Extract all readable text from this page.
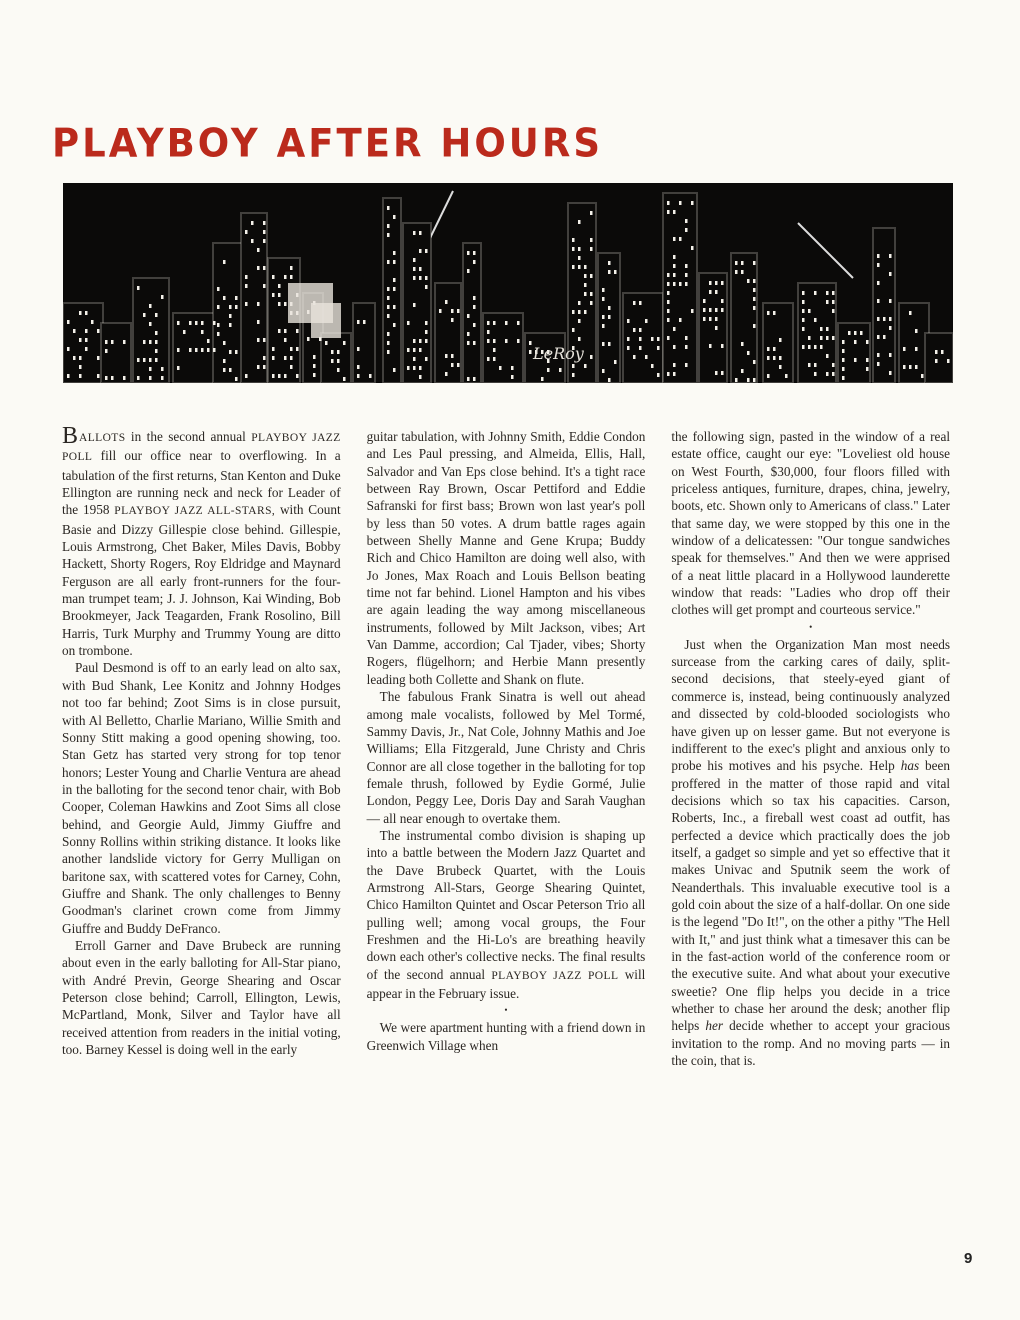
PLAYBOY AFTER HOURS
LeRoy

BALLOTS in the second annual PLAYBOY JAZZ POLL fill our office near to overflowing. In a tabulation of the first returns, Stan Kenton and Duke Ellington are running neck and neck for Leader of the 1958 PLAYBOY JAZZ ALL-STARS, with Count Basie and Dizzy Gillespie close behind. Gillespie, Louis Armstrong, Chet Baker, Miles Davis, Bobby Hackett, Shorty Rogers, Roy Eldridge and Maynard Ferguson are all early front-runners for the four-man trumpet team; J. J. Johnson, Kai Winding, Bob Brookmeyer, Jack Teagarden, Frank Rosolino, Bill Harris, Turk Murphy and Trummy Young are ditto on trombone.

Paul Desmond is off to an early lead on alto sax, with Bud Shank, Lee Konitz and Johnny Hodges not too far behind; Zoot Sims is in close pursuit, with Al Belletto, Charlie Mariano, Willie Smith and Sonny Stitt making a good opening showing, too. Stan Getz has started very strong for top tenor honors; Lester Young and Charlie Ventura are ahead in the balloting for the second tenor chair, with Bob Cooper, Coleman Hawkins and Zoot Sims all close behind, and Georgie Auld, Jimmy Giuffre and Sonny Rollins within striking distance. It looks like another landslide victory for Gerry Mulligan on baritone sax, with scattered votes for Carney, Cohn, Giuffre and Shank. The only challenges to Benny Goodman's clarinet crown come from Jimmy Giuffre and Buddy DeFranco.

Erroll Garner and Dave Brubeck are running about even in the early balloting for All-Star piano, with André Previn, George Shearing and Oscar Peterson close behind; Carroll, Ellington, Lewis, McPartland, Monk, Silver and Taylor have all received attention from readers in the initial voting, too. Barney Kessel is doing well in the early

guitar tabulation, with Johnny Smith, Eddie Condon and Les Paul pressing, and Almeida, Ellis, Hall, Salvador and Van Eps close behind. It's a tight race between Ray Brown, Oscar Pettiford and Eddie Safranski for first bass; Brown won last year's poll by less than 50 votes. A drum battle rages again between Shelly Manne and Gene Krupa; Buddy Rich and Chico Hamilton are doing well also, with Jo Jones, Max Roach and Louis Bellson beating time not far behind. Lionel Hampton and his vibes are again leading the way among miscellaneous instruments, followed by Milt Jackson, vibes; Art Van Damme, accordion; Cal Tjader, vibes; Shorty Rogers, flügelhorn; and Herbie Mann presently leading both Collette and Shank on flute.

The fabulous Frank Sinatra is well out ahead among male vocalists, followed by Mel Tormé, Sammy Davis, Jr., Nat Cole, Johnny Mathis and Joe Williams; Ella Fitzgerald, June Christy and Chris Connor are all close together in the balloting for top female thrush, followed by Eydie Gormé, Julie London, Peggy Lee, Doris Day and Sarah Vaughan — all near enough to overtake them.

The instrumental combo division is shaping up into a battle between the Modern Jazz Quartet and the Dave Brubeck Quartet, with the Louis Armstrong All-Stars, George Shearing Quintet, Chico Hamilton Quintet and Oscar Peterson Trio all pulling well; among vocal groups, the Four Freshmen and the Hi-Lo's are breathing heavily down each other's collective necks. The final results of the second annual PLAYBOY JAZZ POLL will appear in the February issue.

•

We were apartment hunting with a friend down in Greenwich Village when

the following sign, pasted in the window of a real estate office, caught our eye: "Loveliest old house on West Fourth, $30,000, four floors filled with priceless antiques, furniture, drapes, china, jewelry, boots, etc. Shown only to Americans of class." Later that same day, we were stopped by this one in the window of a delicatessen: "Our tongue sandwiches speak for themselves." And then we were apprised of a neat little placard in a Hollywood launderette window that reads: "Ladies who drop off their clothes will get prompt and courteous service."

•

Just when the Organization Man most needs surcease from the carking cares of daily, split-second decisions, that steely-eyed giant of commerce is, instead, being continuously analyzed and dissected by cold-blooded sociologists who have given up on lesser game. But not everyone is indifferent to the exec's plight and anxious only to probe his motives and his psyche. Help has been proffered in the matter of those rapid and vital decisions which so tax his capacities. Carson, Roberts, Inc., a fireball west coast ad outfit, has perfected a device which practically does the job itself, a gadget so simple and yet so effective that it makes Univac and Sputnik seem the work of Neanderthals. This invaluable executive tool is a gold coin about the size of a half-dollar. On one side is the legend "Do It!", on the other a pithy "The Hell with It," and just think what a timesaver this can be in the fast-action world of the conference room or the executive suite. And what about your executive sweetie? One flip helps you decide in a trice whether to chase her around the desk; another flip helps her decide whether to accept your gracious invitation to the romp. And no moving parts — in the coin, that is.

9
